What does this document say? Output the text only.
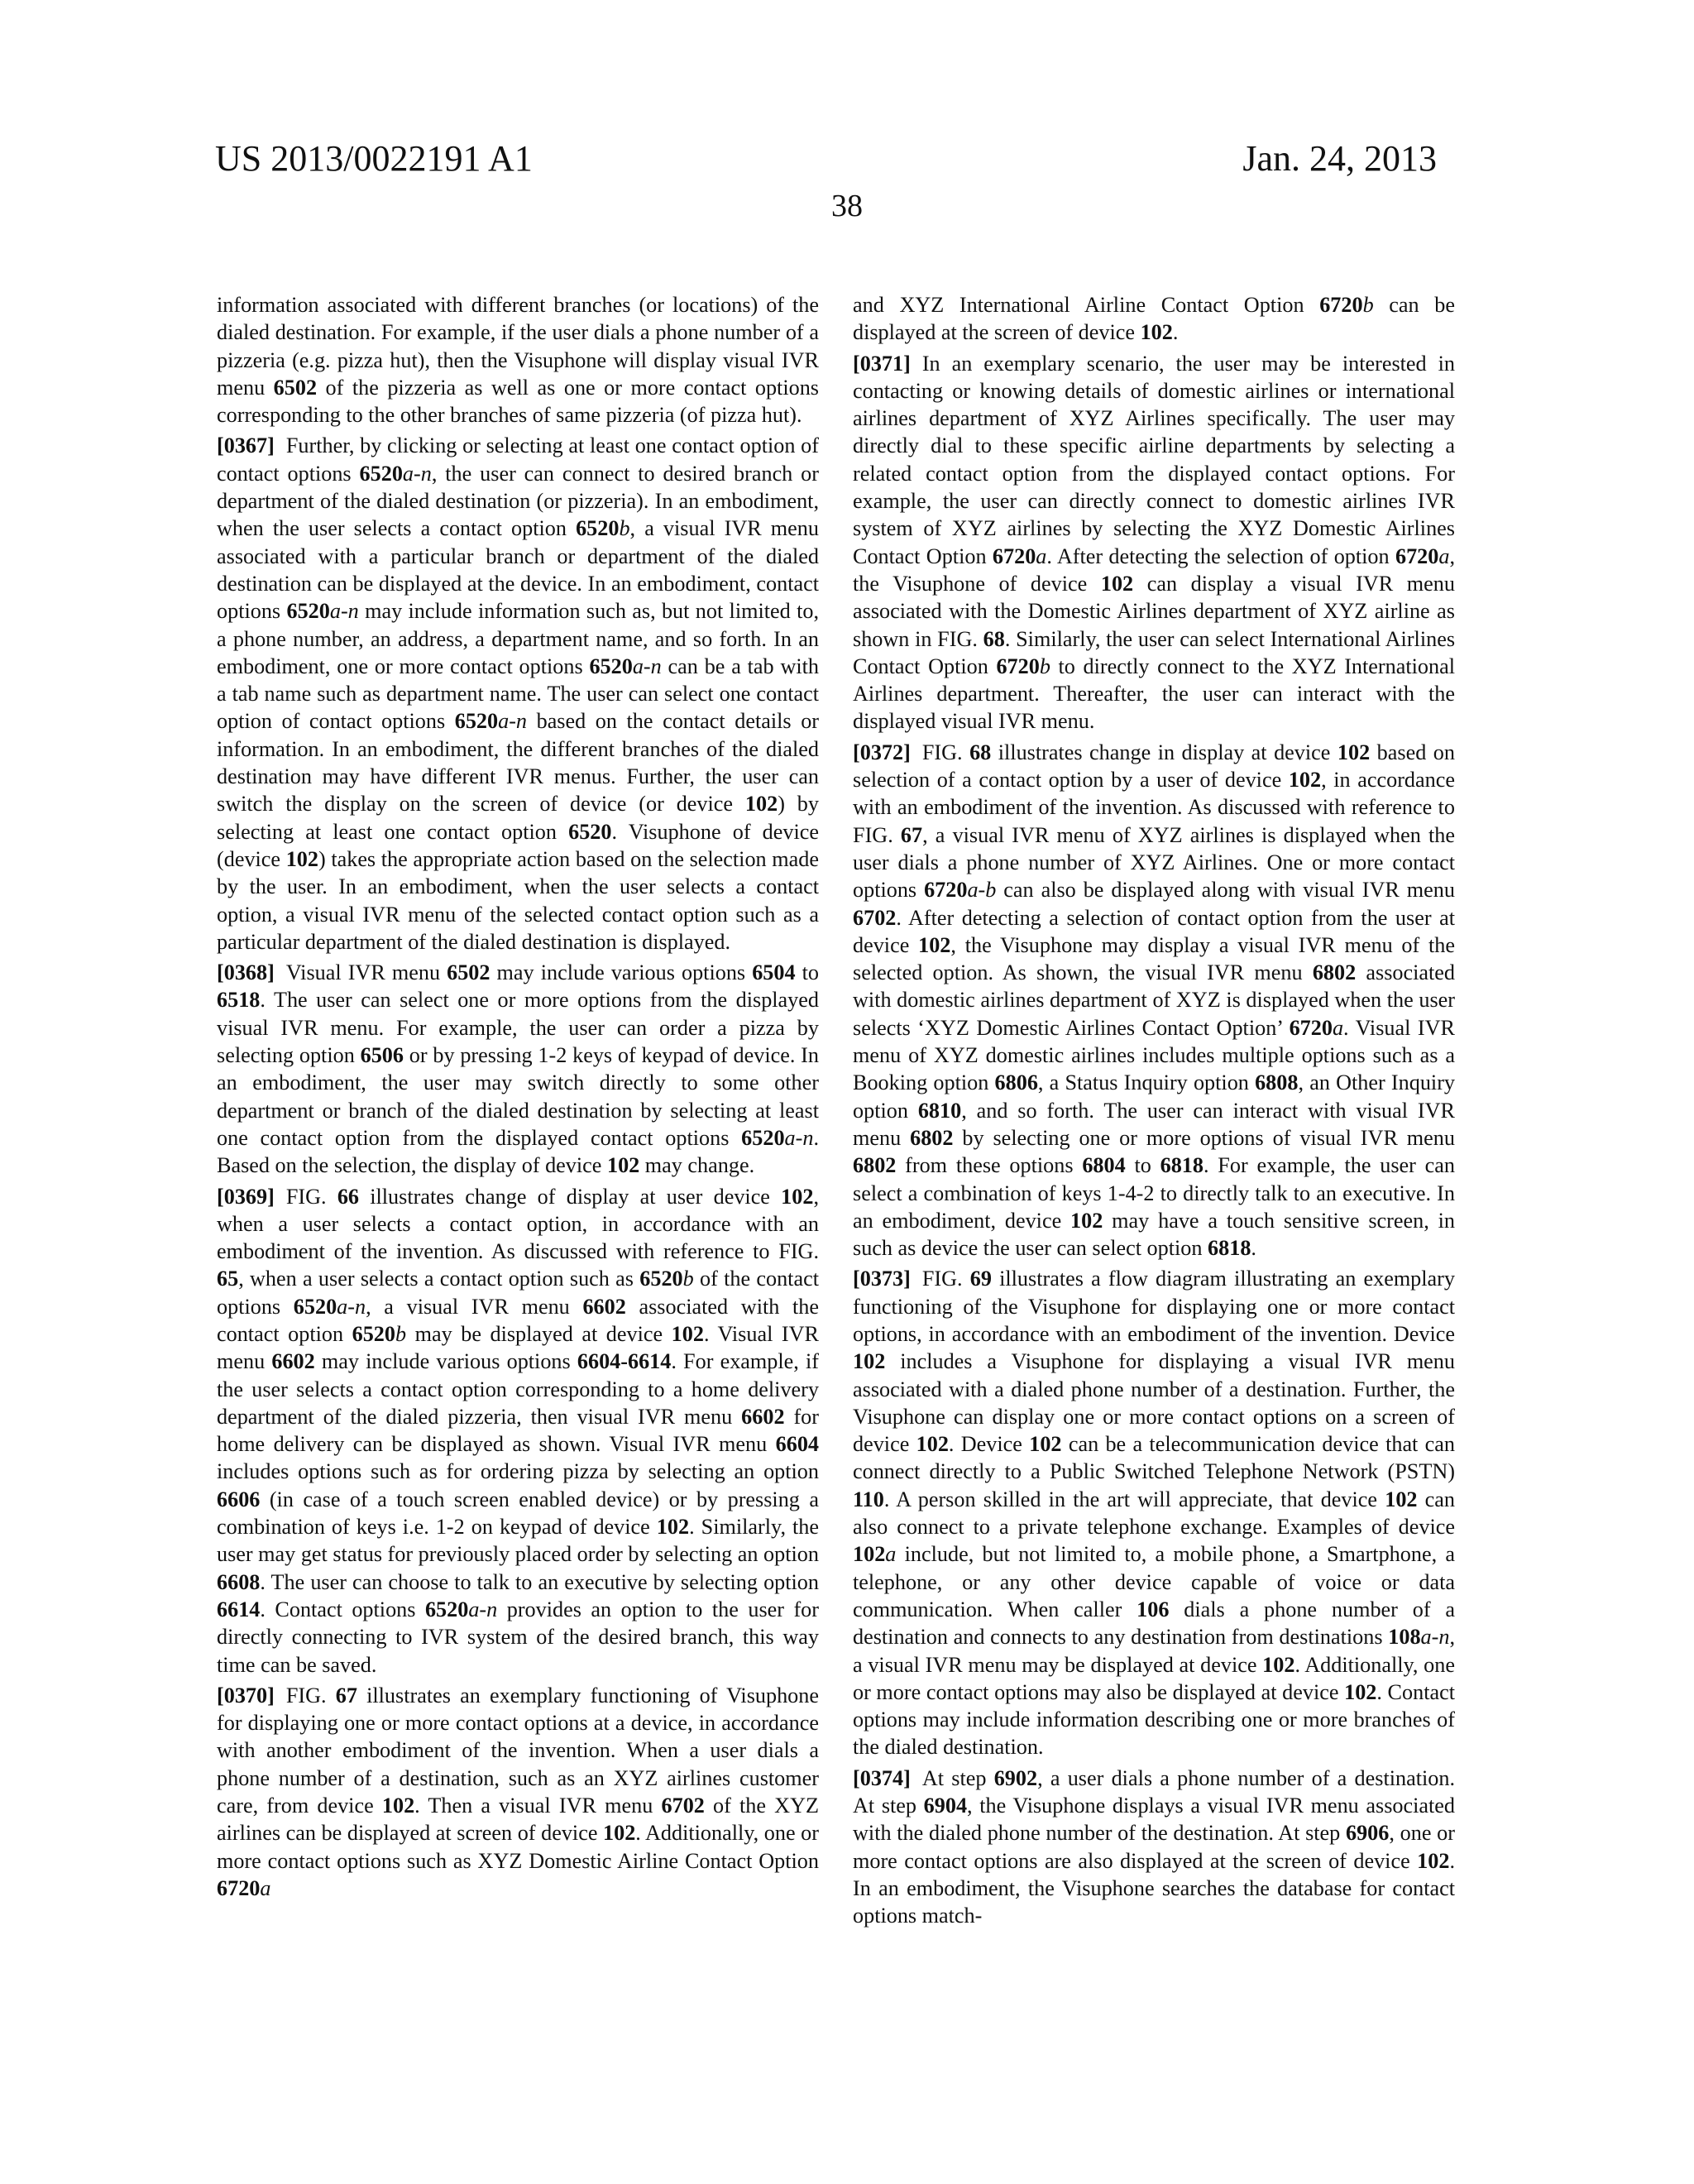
US 2013/0022191 A1	Jan. 24, 2013
38

information associated with different branches (or locations) of the dialed destination. For example, if the user dials a phone number of a pizzeria (e.g. pizza hut), then the Visuphone will display visual IVR menu 6502 of the pizzeria as well as one or more contact options corresponding to the other branches of same pizzeria (of pizza hut).

[0367] Further, by clicking or selecting at least one contact option of contact options 6520a-n, the user can connect to desired branch or department of the dialed destination (or pizzeria). In an embodiment, when the user selects a contact option 6520b, a visual IVR menu associated with a particular branch or department of the dialed destination can be displayed at the device. In an embodiment, contact options 6520a-n may include information such as, but not limited to, a phone number, an address, a department name, and so forth. In an embodiment, one or more contact options 6520a-n can be a tab with a tab name such as department name. The user can select one contact option of contact options 6520a-n based on the contact details or information. In an embodiment, the different branches of the dialed destination may have different IVR menus. Further, the user can switch the display on the screen of device (or device 102) by selecting at least one contact option 6520. Visuphone of device (device 102) takes the appropriate action based on the selection made by the user. In an embodiment, when the user selects a contact option, a visual IVR menu of the selected contact option such as a particular department of the dialed destination is displayed.

[0368] Visual IVR menu 6502 may include various options 6504 to 6518. The user can select one or more options from the displayed visual IVR menu. For example, the user can order a pizza by selecting option 6506 or by pressing 1-2 keys of keypad of device. In an embodiment, the user may switch directly to some other department or branch of the dialed destination by selecting at least one contact option from the displayed contact options 6520a-n. Based on the selection, the display of device 102 may change.

[0369] FIG. 66 illustrates change of display at user device 102, when a user selects a contact option, in accordance with an embodiment of the invention. As discussed with reference to FIG. 65, when a user selects a contact option such as 6520b of the contact options 6520a-n, a visual IVR menu 6602 associated with the contact option 6520b may be displayed at device 102. Visual IVR menu 6602 may include various options 6604-6614. For example, if the user selects a contact option corresponding to a home delivery department of the dialed pizzeria, then visual IVR menu 6602 for home delivery can be displayed as shown. Visual IVR menu 6604 includes options such as for ordering pizza by selecting an option 6606 (in case of a touch screen enabled device) or by pressing a combination of keys i.e. 1-2 on keypad of device 102. Similarly, the user may get status for previously placed order by selecting an option 6608. The user can choose to talk to an executive by selecting option 6614. Contact options 6520a-n provides an option to the user for directly connecting to IVR system of the desired branch, this way time can be saved.

[0370] FIG. 67 illustrates an exemplary functioning of Visuphone for displaying one or more contact options at a device, in accordance with another embodiment of the invention. When a user dials a phone number of a destination, such as an XYZ airlines customer care, from device 102. Then a visual IVR menu 6702 of the XYZ airlines can be displayed at screen of device 102. Additionally, one or more contact options such as XYZ Domestic Airline Contact Option 6720a

and XYZ International Airline Contact Option 6720b can be displayed at the screen of device 102.

[0371] In an exemplary scenario, the user may be interested in contacting or knowing details of domestic airlines or international airlines department of XYZ Airlines specifically. The user may directly dial to these specific airline departments by selecting a related contact option from the displayed contact options. For example, the user can directly connect to domestic airlines IVR system of XYZ airlines by selecting the XYZ Domestic Airlines Contact Option 6720a. After detecting the selection of option 6720a, the Visuphone of device 102 can display a visual IVR menu associated with the Domestic Airlines department of XYZ airline as shown in FIG. 68. Similarly, the user can select International Airlines Contact Option 6720b to directly connect to the XYZ International Airlines department. Thereafter, the user can interact with the displayed visual IVR menu.

[0372] FIG. 68 illustrates change in display at device 102 based on selection of a contact option by a user of device 102, in accordance with an embodiment of the invention. As discussed with reference to FIG. 67, a visual IVR menu of XYZ airlines is displayed when the user dials a phone number of XYZ Airlines. One or more contact options 6720a-b can also be displayed along with visual IVR menu 6702. After detecting a selection of contact option from the user at device 102, the Visuphone may display a visual IVR menu of the selected option. As shown, the visual IVR menu 6802 associated with domestic airlines department of XYZ is displayed when the user selects ‘XYZ Domestic Airlines Contact Option’ 6720a. Visual IVR menu of XYZ domestic airlines includes multiple options such as a Booking option 6806, a Status Inquiry option 6808, an Other Inquiry option 6810, and so forth. The user can interact with visual IVR menu 6802 by selecting one or more options of visual IVR menu 6802 from these options 6804 to 6818. For example, the user can select a combination of keys 1-4-2 to directly talk to an executive. In an embodiment, device 102 may have a touch sensitive screen, in such as device the user can select option 6818.

[0373] FIG. 69 illustrates a flow diagram illustrating an exemplary functioning of the Visuphone for displaying one or more contact options, in accordance with an embodiment of the invention. Device 102 includes a Visuphone for displaying a visual IVR menu associated with a dialed phone number of a destination. Further, the Visuphone can display one or more contact options on a screen of device 102. Device 102 can be a telecommunication device that can connect directly to a Public Switched Telephone Network (PSTN) 110. A person skilled in the art will appreciate, that device 102 can also connect to a private telephone exchange. Examples of device 102a include, but not limited to, a mobile phone, a Smartphone, a telephone, or any other device capable of voice or data communication. When caller 106 dials a phone number of a destination and connects to any destination from destinations 108a-n, a visual IVR menu may be displayed at device 102. Additionally, one or more contact options may also be displayed at device 102. Contact options may include information describing one or more branches of the dialed destination.

[0374] At step 6902, a user dials a phone number of a destination. At step 6904, the Visuphone displays a visual IVR menu associated with the dialed phone number of the destination. At step 6906, one or more contact options are also displayed at the screen of device 102. In an embodiment, the Visuphone searches the database for contact options match-
